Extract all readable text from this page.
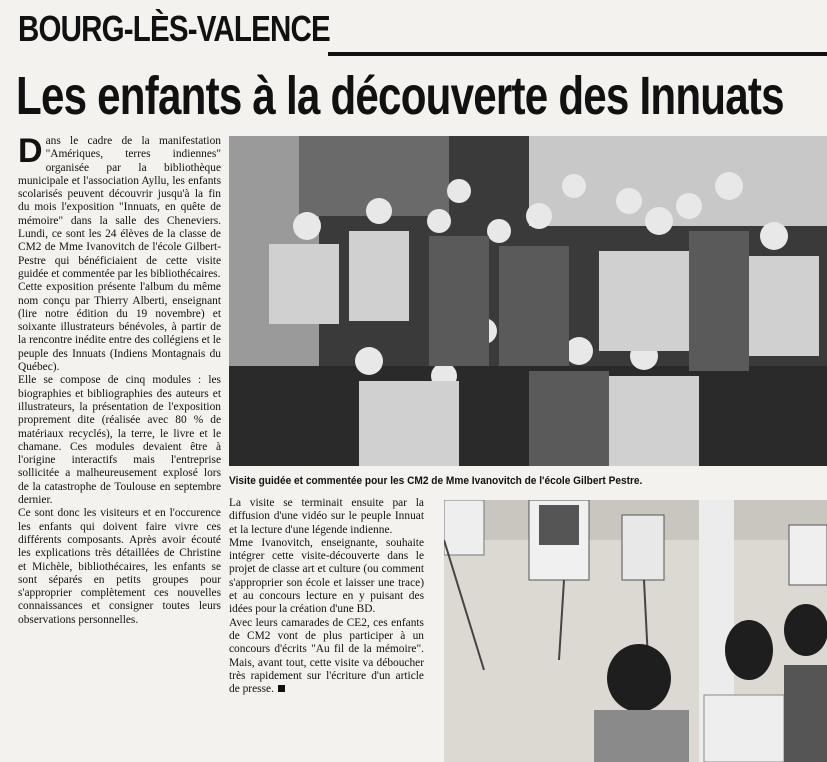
BOURG-LÈS-VALENCE
Les enfants à la découverte des Innuats

Dans le cadre de la manifestation "Amériques, terres indiennes" organisée par la bibliothèque municipale et l'association Ayllu, les enfants scolarisés peuvent découvrir jusqu'à la fin du mois l'exposition "Innuats, en quête de mémoire" dans la salle des Cheneviers. Lundi, ce sont les 24 élèves de la classe de CM2 de Mme Ivanovitch de l'école Gilbert-Pestre qui bénéficiaient de cette visite guidée et commentée par les bibliothécaires.

Cette exposition présente l'album du même nom conçu par Thierry Alberti, enseignant (lire notre édition du 19 novembre) et soixante illustrateurs bénévoles, à partir de la rencontre inédite entre des collégiens et le peuple des Innuats (Indiens Montagnais du Québec).

Elle se compose de cinq modules : les biographies et bibliographies des auteurs et illustrateurs, la présentation de l'exposition proprement dite (réalisée avec 80 % de matériaux recyclés), la terre, le livre et le chamane. Ces modules devaient être à l'origine interactifs mais l'entreprise sollicitée a malheureusement explosé lors de la catastrophe de Toulouse en septembre dernier.

Ce sont donc les visiteurs et en l'occurence les enfants qui doivent faire vivre ces différents composants. Après avoir écouté les explications très détaillées de Christine et Michèle, bibliothécaires, les enfants se sont séparés en petits groupes pour s'approprier complètement ces nouvelles connaissances et consigner toutes leurs observations personnelles.

Visite guidée et commentée pour les CM2 de Mme Ivanovitch de l'école Gilbert Pestre.

La visite se terminait ensuite par la diffusion d'une vidéo sur le peuple Innuat et la lecture d'une légende indienne.

Mme Ivanovitch, enseignante, souhaite intégrer cette visite-découverte dans le projet de classe art et culture (ou comment s'approprier son école et laisser une trace) et au concours lecture en y puisant des idées pour la création d'une BD.

Avec leurs camarades de CE2, ces enfants de CM2 vont de plus participer à un concours d'écrits "Au fil de la mémoire". Mais, avant tout, cette visite va déboucher très rapidement sur l'écriture d'un article de presse.
